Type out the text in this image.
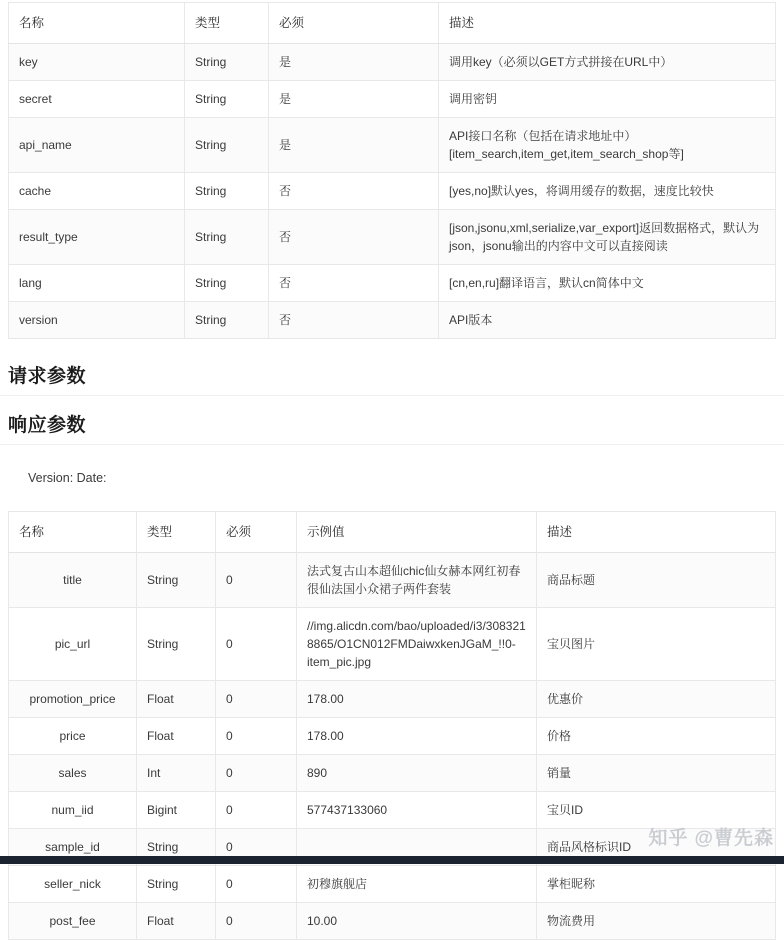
名称	类型	必须	描述
key	String	是	调用key（必须以GET方式拼接在URL中）
secret	String	是	调用密钥
api_name	String	是	API接口名称（包括在请求地址中）[item_search,item_get,item_search_shop等]
cache	String	否	[yes,no]默认yes，将调用缓存的数据，速度比较快
result_type	String	否	[json,jsonu,xml,serialize,var_export]返回数据格式，默认为json，jsonu输出的内容中文可以直接阅读
lang	String	否	[cn,en,ru]翻译语言，默认cn简体中文
version	String	否	API版本
请求参数
响应参数
Version: Date:
名称	类型	必须	示例值	描述
title	String	0	法式复古山本超仙chic仙女赫本网红初春很仙法国小众裙子两件套装	商品标题
pic_url	String	0	//img.alicdn.com/bao/uploaded/i3/3083218865/O1CN012FMDaiwxkenJGaM_!!0-item_pic.jpg	宝贝图片
promotion_price	Float	0	178.00	优惠价
price	Float	0	178.00	价格
sales	Int	0	890	销量
num_iid	Bigint	0	577437133060	宝贝ID
sample_id	String	0		商品风格标识ID
seller_nick	String	0	初穆旗舰店	掌柜昵称
post_fee	Float	0	10.00	物流费用
知乎 @曹先森
